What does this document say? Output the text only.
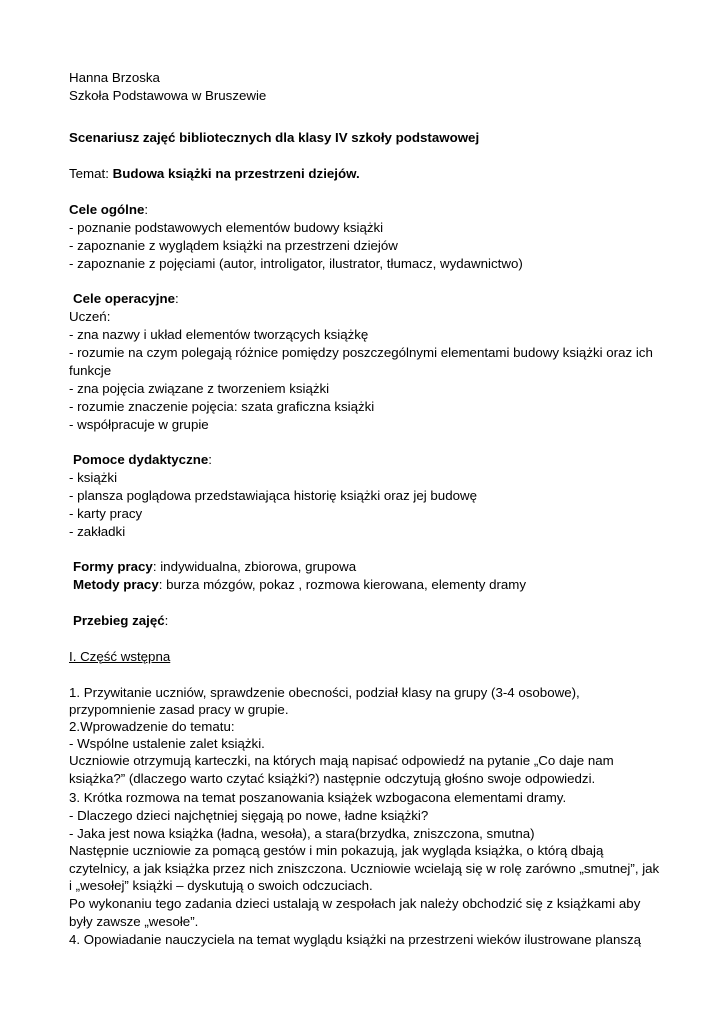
Hanna Brzoska
Szkoła Podstawowa w Bruszewie
Scenariusz zajęć bibliotecznych dla klasy IV szkoły podstawowej
Temat: Budowa książki na przestrzeni dziejów.
Cele ogólne:
- poznanie podstawowych elementów budowy książki
- zapoznanie z wyglądem książki na przestrzeni dziejów
- zapoznanie z pojęciami (autor, introligator, ilustrator, tłumacz, wydawnictwo)
Cele operacyjne:
Uczeń:
- zna nazwy i układ elementów tworzących książkę
- rozumie na czym polegają różnice pomiędzy poszczególnymi elementami budowy książki oraz ich
funkcje
- zna pojęcia związane z tworzeniem książki
- rozumie znaczenie pojęcia: szata graficzna książki
- współpracuje w grupie
Pomoce dydaktyczne:
- książki
- plansza poglądowa przedstawiająca historię książki oraz jej budowę
- karty pracy
- zakładki
Formy pracy: indywidualna, zbiorowa, grupowa
Metody pracy: burza mózgów, pokaz , rozmowa kierowana, elementy dramy
Przebieg zajęć:
I. Część wstępna
1. Przywitanie uczniów, sprawdzenie obecności, podział klasy na grupy (3-4 osobowe),
przypomnienie zasad pracy w grupie.
2.Wprowadzenie do tematu:
- Wspólne ustalenie zalet książki.
Uczniowie otrzymują karteczki, na których mają napisać odpowiedź na pytanie „Co daje nam
książka?” (dlaczego warto czytać książki?) następnie odczytują głośno swoje odpowiedzi.
3. Krótka rozmowa na temat poszanowania książek wzbogacona elementami dramy.
- Dlaczego dzieci najchętniej sięgają po nowe, ładne książki?
- Jaka jest nowa książka (ładna, wesoła), a stara(brzydka, zniszczona, smutna)
Następnie uczniowie za pomącą gestów i min pokazują, jak wygląda książka, o którą dbają
czytelnicy, a jak książka przez nich zniszczona. Uczniowie wcielają się w rolę zarówno „smutnej”, jak
i „wesołej” książki – dyskutują o swoich odczuciach.
Po wykonaniu tego zadania dzieci ustalają w zespołach jak należy obchodzić się z książkami aby
były zawsze „wesołe”.
4. Opowiadanie nauczyciela na temat wyglądu książki na przestrzeni wieków ilustrowane planszą
